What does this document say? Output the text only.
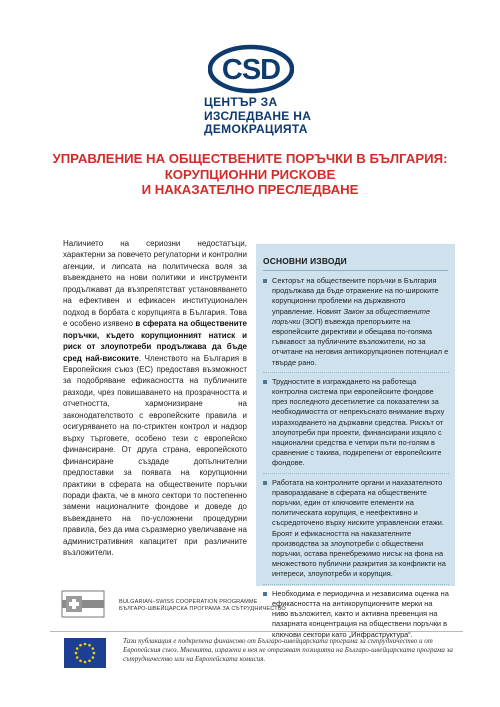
CSD
ЦЕНТЪР ЗА
ИЗСЛЕДВАНЕ НА
ДЕМОКРАЦИЯТА
УПРАВЛЕНИЕ НА ОБЩЕСТВЕНИТЕ ПОРЪЧКИ В БЪЛГАРИЯ:
КОРУПЦИОННИ РИСКОВЕ
И НАКАЗАТЕЛНО ПРЕСЛЕДВАНЕ

Наличието на сериозни недостатъци, характерни за повечето регулаторни и контролни агенции, и липсата на политическа воля за въвеждането на нови политики и инструменти продължават да възпрепятстват установяването на ефективен и ефикасен институционален подход в борбата с корупцията в България. Това е особено изявено в сферата на обществените поръчки, където корупционният натиск и риск от злоупотреби продължава да бъде сред най-високите. Членството на България в Европейския съюз (ЕС) предоставя възможност за подобряване ефикасността на публичните разходи, чрез повишаването на прозрачността и отчетността, хармонизиране на законодателството с европейските правила и осигуряването на по-стриктен контрол и надзор върху търговете, особено тези с европейско финансиране. От друга страна, европейското финансиране създаде допълнителни предпоставки за появата на корупционни практики в сферата на обществените поръчки поради факта, че в много сектори то постепенно замени националните фондове и доведе до въвеждането на по-усложнени процедурни правила, без да има съразмерно увеличаване на административния капацитет при различните възложители.

ОСНОВНИ ИЗВОДИ
Секторът на обществените поръчки в България продължава да бъде отражение на по-широките корупционни проблеми на държавното управление. Новият Закон за обществените поръчки (ЗОП) въвежда препоръките на европейските директиви и обещава по-голяма гъвкавост за публичните възложители, но за отчитане на неговия антикорупционен потенциал е твърде рано.
Трудностите в изграждането на работеща контролна система при европейските фондове през последното десетилетие са показателни за необходимостта от непрекъснато внимание върху изразходването на държавни средства. Рискът от злоупотреби при проекти, финансирани изцяло с национални средства е четири пъти по-голям в сравнение с такива, подкрепени от европейските фондове.
Работата на контролните органи и нахазателното правораздаване в сферата на обществените поръчки, един от ключовите елементи на политическата корупция, е неефективно и съсредоточено върху ниските управленски етажи. Броят и ефикасността на наказателните производства за злоупотреби с обществени поръчки, остава пренебрежимо нисък на фона на множеството публични разкрития за конфликти на интереси, злоупотреби и корупция.
Необходима е периодична и независима оценка на ефикасността на антикорупционните мерки на ниво възложител, както и активна превенция на пазарната концентрация на обществени поръчки в ключови сектори като „Инфраструктура“.
BULGARIAN–SWISS COOPERATION PROGRAMME
БЪЛГАРО-ШВЕЙЦАРСКА ПРОГРАМА ЗА СЪТРУДНИЧЕСТВО
Тази публикация е подкрепена финансово от Българо-швейцарската програма за сътрудничество и от Европейския съюз. Мненията, изразени в нея не отразяват позицията на Българо-швейцарската програма за сътрудничество или на Европейската комисия.
